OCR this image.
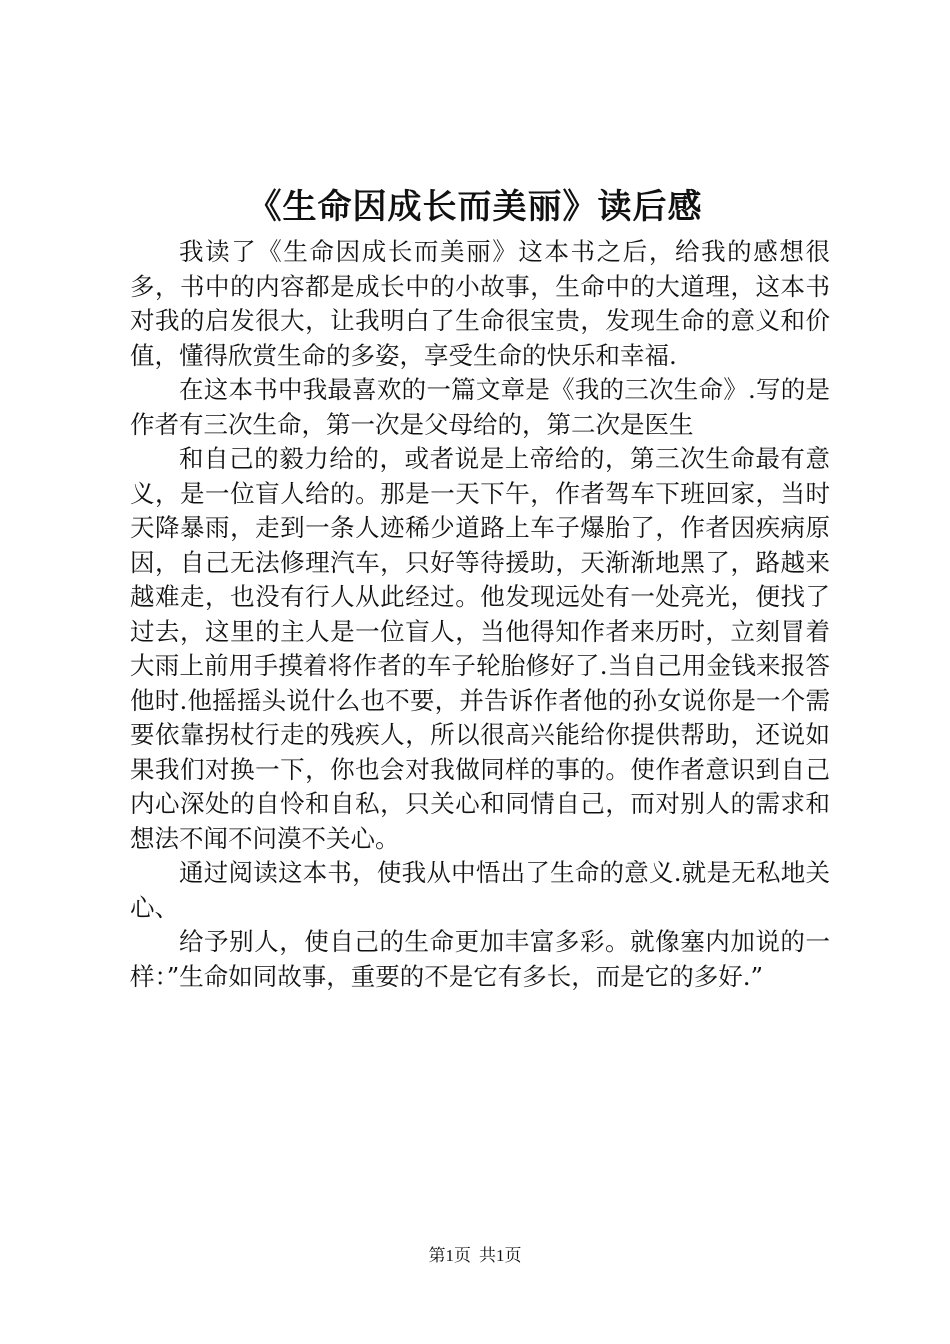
《生命因成长而美丽》读后感

我读了《生命因成长而美丽》这本书之后，给我的感想很多，书中的内容都是成长中的小故事，生命中的大道理，这本书对我的启发很大，让我明白了生命很宝贵，发现生命的意义和价值，懂得欣赏生命的多姿，享受生命的快乐和幸福.

在这本书中我最喜欢的一篇文章是《我的三次生命》.写的是作者有三次生命，第一次是父母给的，第二次是医生

和自己的毅力给的，或者说是上帝给的，第三次生命最有意义，是一位盲人给的。那是一天下午，作者驾车下班回家，当时天降暴雨，走到一条人迹稀少道路上车子爆胎了，作者因疾病原因，自己无法修理汽车，只好等待援助，天渐渐地黑了，路越来越难走，也没有行人从此经过。他发现远处有一处亮光，便找了过去，这里的主人是一位盲人，当他得知作者来历时，立刻冒着大雨上前用手摸着将作者的车子轮胎修好了.当自己用金钱来报答他时.他摇摇头说什么也不要，并告诉作者他的孙女说你是一个需要依靠拐杖行走的残疾人，所以很高兴能给你提供帮助，还说如果我们对换一下，你也会对我做同样的事的。使作者意识到自己内心深处的自怜和自私，只关心和同情自己，而对别人的需求和想法不闻不问漠不关心。

通过阅读这本书，使我从中悟出了生命的意义.就是无私地关心、

给予别人，使自己的生命更加丰富多彩。就像塞内加说的一样：”生命如同故事，重要的不是它有多长，而是它的多好.”

第1页 共1页
